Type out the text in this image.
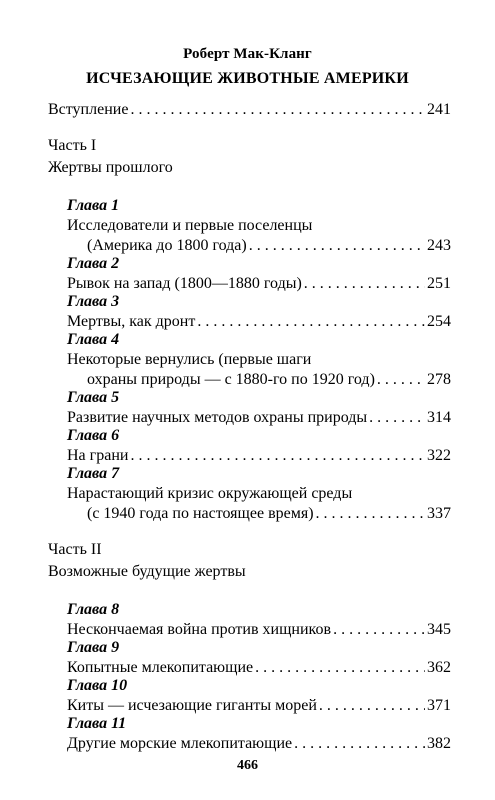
Роберт Мак-Кланг
ИСЧЕЗАЮЩИЕ ЖИВОТНЫЕ АМЕРИКИ
Вступление . . .	241
Часть I
Жертвы прошлого
Глава 1
Исследователи и первые поселенцы
(Америка до 1800 года) . . .	243
Глава 2
Рывок на запад (1800—1880 годы) . . .	251
Глава 3
Мертвы, как дронт . . .	254
Глава 4
Некоторые вернулись (первые шаги
охраны природы — с 1880-го по 1920 год) . . .	278
Глава 5
Развитие научных методов охраны природы . . .	314
Глава 6
На грани . . .	322
Глава 7
Нарастающий кризис окружающей среды
(с 1940 года по настоящее время) . . .	337
Часть II
Возможные будущие жертвы
Глава 8
Нескончаемая война против хищников . . .	345
Глава 9
Копытные млекопитающие . . .	362
Глава 10
Киты — исчезающие гиганты морей . . .	371
Глава 11
Другие морские млекопитающие . . .	382
466
